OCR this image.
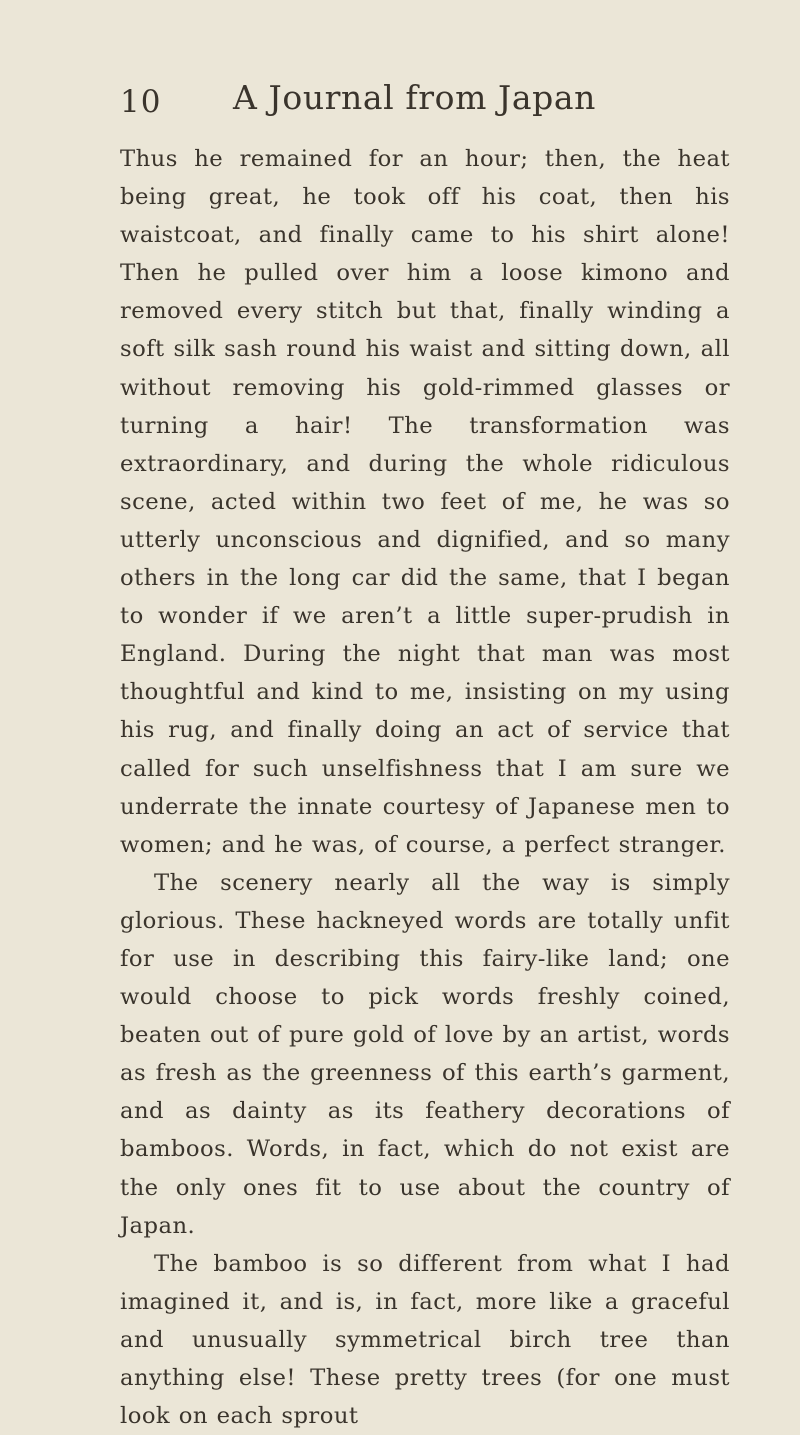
10 A Journal from Japan

Thus he remained for an hour; then, the heat being great, he took off his coat, then his waistcoat, and finally came to his shirt alone! Then he pulled over him a loose kimono and removed every stitch but that, finally winding a soft silk sash round his waist and sitting down, all without removing his gold-rimmed glasses or turning a hair! The transformation was extraordinary, and during the whole ridiculous scene, acted within two feet of me, he was so utterly unconscious and dignified, and so many others in the long car did the same, that I began to wonder if we aren’t a little super-prudish in England. During the night that man was most thoughtful and kind to me, insisting on my using his rug, and finally doing an act of service that called for such unselfishness that I am sure we underrate the innate courtesy of Japanese men to women; and he was, of course, a perfect stranger.

The scenery nearly all the way is simply glorious. These hackneyed words are totally unfit for use in describing this fairy-like land; one would choose to pick words freshly coined, beaten out of pure gold of love by an artist, words as fresh as the greenness of this earth’s garment, and as dainty as its feathery decorations of bamboos. Words, in fact, which do not exist are the only ones fit to use about the country of Japan.

The bamboo is so different from what I had imagined it, and is, in fact, more like a graceful and unusually symmetrical birch tree than anything else! These pretty trees (for one must look on each sprout
